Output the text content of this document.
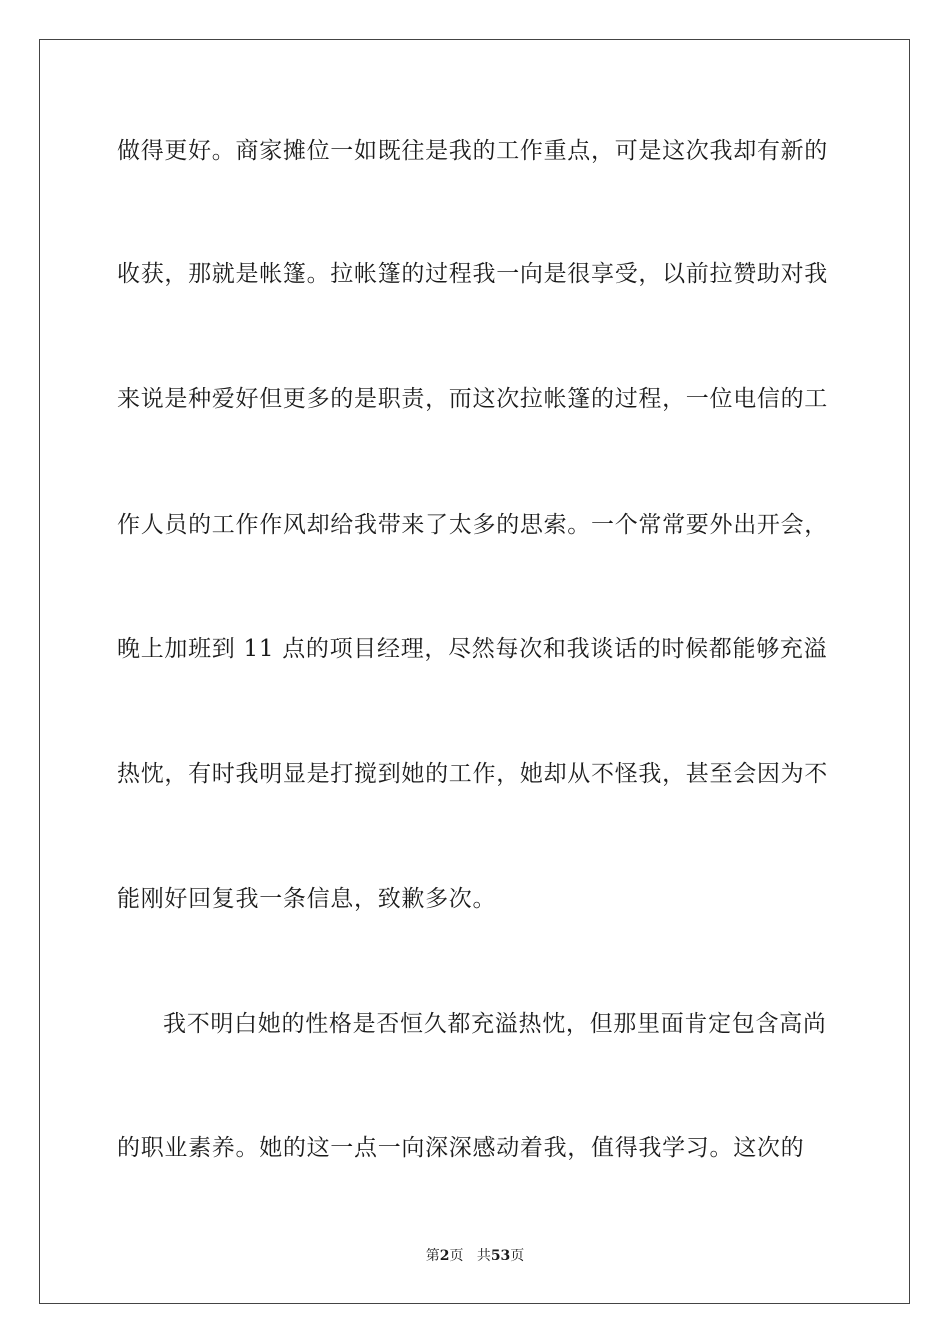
做得更好。商家摊位一如既往是我的工作重点，可是这次我却有新的
收获，那就是帐篷。拉帐篷的过程我一向是很享受，以前拉赞助对我
来说是种爱好但更多的是职责，而这次拉帐篷的过程，一位电信的工
作人员的工作作风却给我带来了太多的思索。一个常常要外出开会，
晚上加班到 11 点的项目经理，尽然每次和我谈话的时候都能够充溢
热忱，有时我明显是打搅到她的工作，她却从不怪我，甚至会因为不
能刚好回复我一条信息，致歉多次。
我不明白她的性格是否恒久都充溢热忱，但那里面肯定包含高尚
的职业素养。她的这一点一向深深感动着我，值得我学习。这次的
第2页 共53页
